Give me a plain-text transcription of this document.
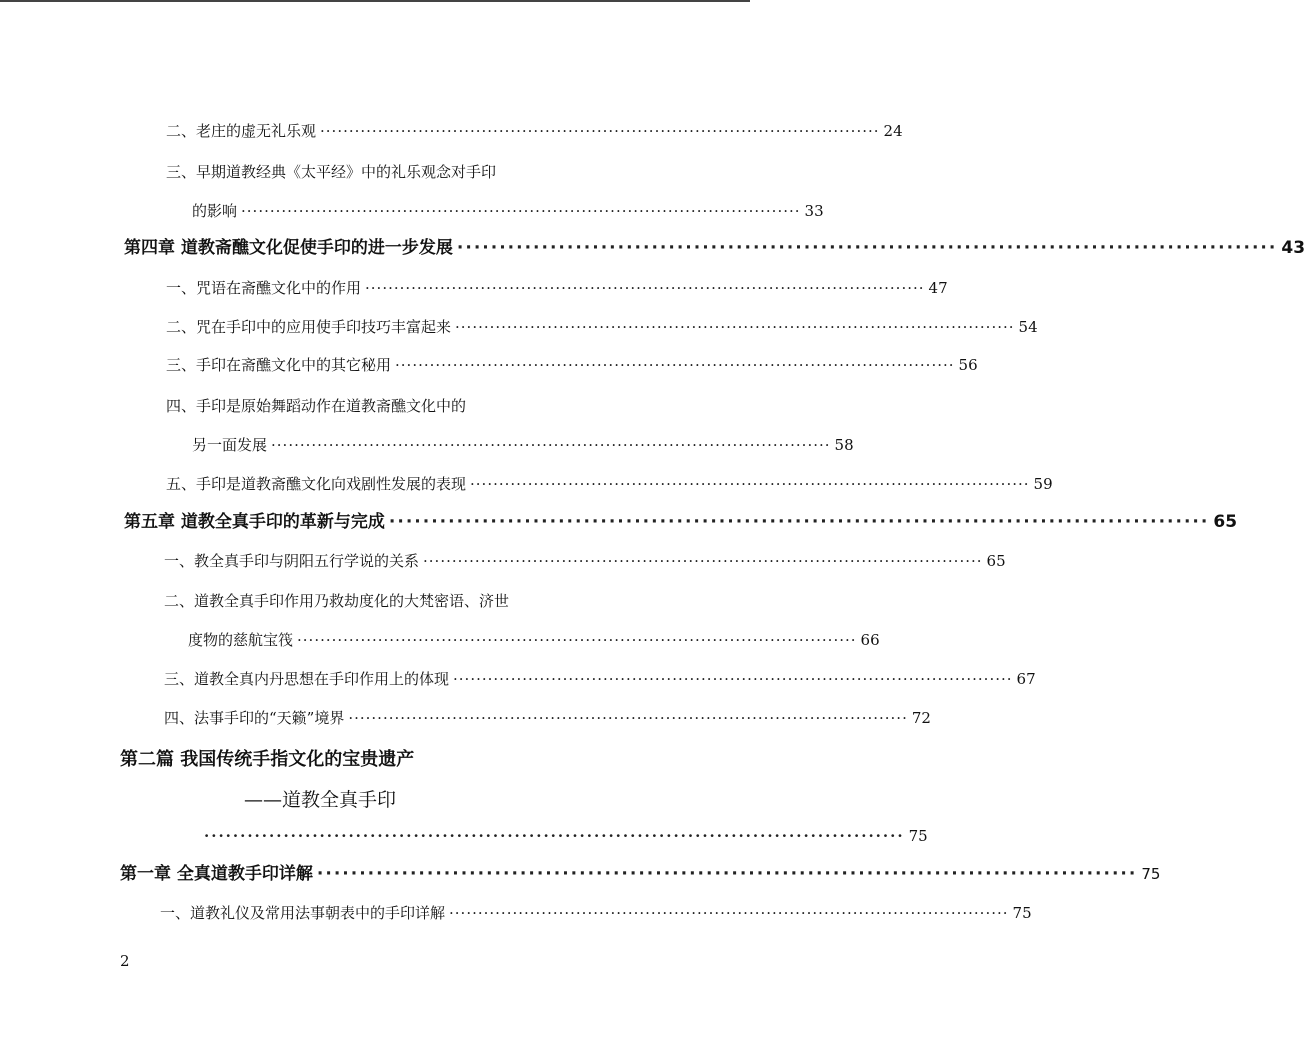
二、老庄的虚无礼乐观 ································································································· 24
三、早期道教经典《太平经》中的礼乐观念对手印
的影响 ································································································· 33
第四章 道教斋醮文化促使手印的进一步发展 ································································································· 43
一、咒语在斋醮文化中的作用 ································································································· 47
二、咒在手印中的应用使手印技巧丰富起来 ································································································· 54
三、手印在斋醮文化中的其它秘用 ································································································· 56
四、手印是原始舞蹈动作在道教斋醮文化中的
另一面发展 ································································································· 58
五、手印是道教斋醮文化向戏剧性发展的表现 ································································································· 59
第五章 道教全真手印的革新与完成 ································································································· 65
一、教全真手印与阴阳五行学说的关系 ································································································· 65
二、道教全真手印作用乃救劫度化的大梵密语、济世
度物的慈航宝筏 ································································································· 66
三、道教全真内丹思想在手印作用上的体现 ································································································· 67
四、法事手印的“天籁”境界 ································································································· 72
第二篇 我国传统手指文化的宝贵遗产
——道教全真手印
································································································· 75
第一章 全真道教手印详解 ································································································· 75
一、道教礼仪及常用法事朝表中的手印详解 ································································································· 75
2
